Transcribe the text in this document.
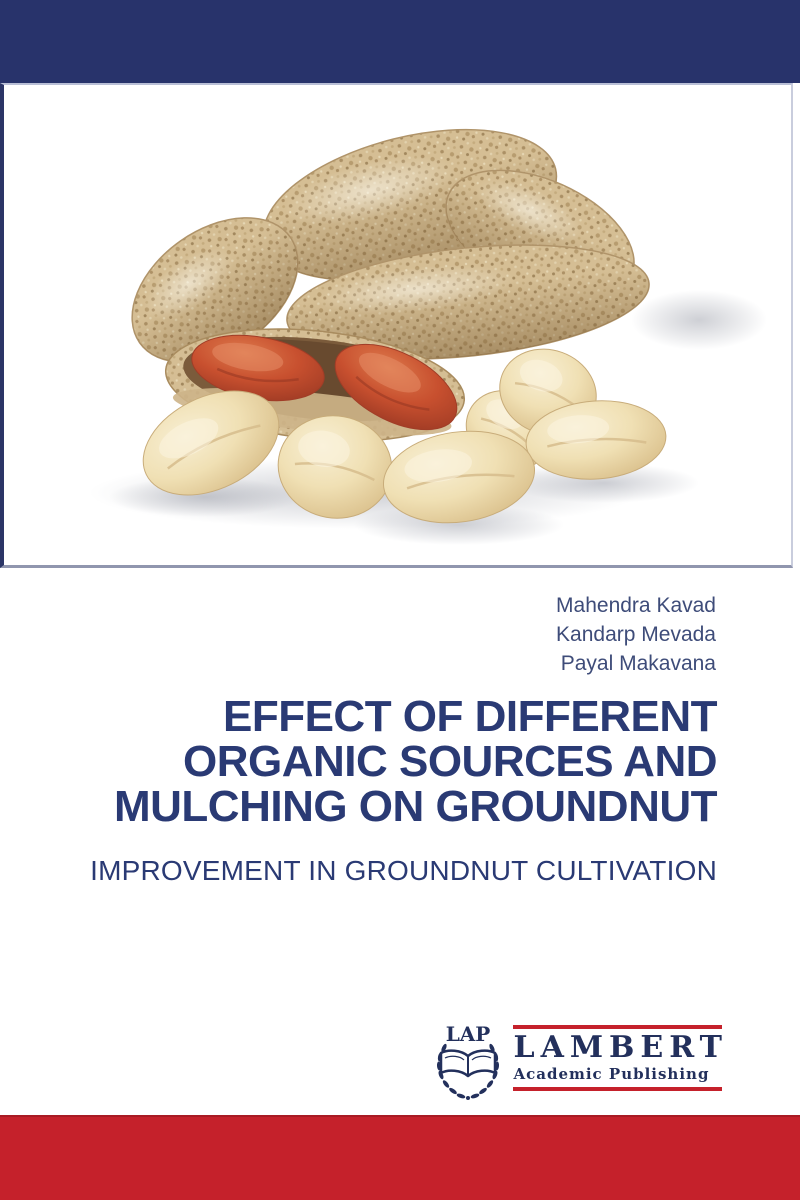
Mahendra Kavad
Kandarp Mevada
Payal Makavana
EFFECT OF DIFFERENT
ORGANIC SOURCES AND
MULCHING ON GROUNDNUT
IMPROVEMENT IN GROUNDNUT CULTIVATION
LAP LAMBERT
Academic Publishing
